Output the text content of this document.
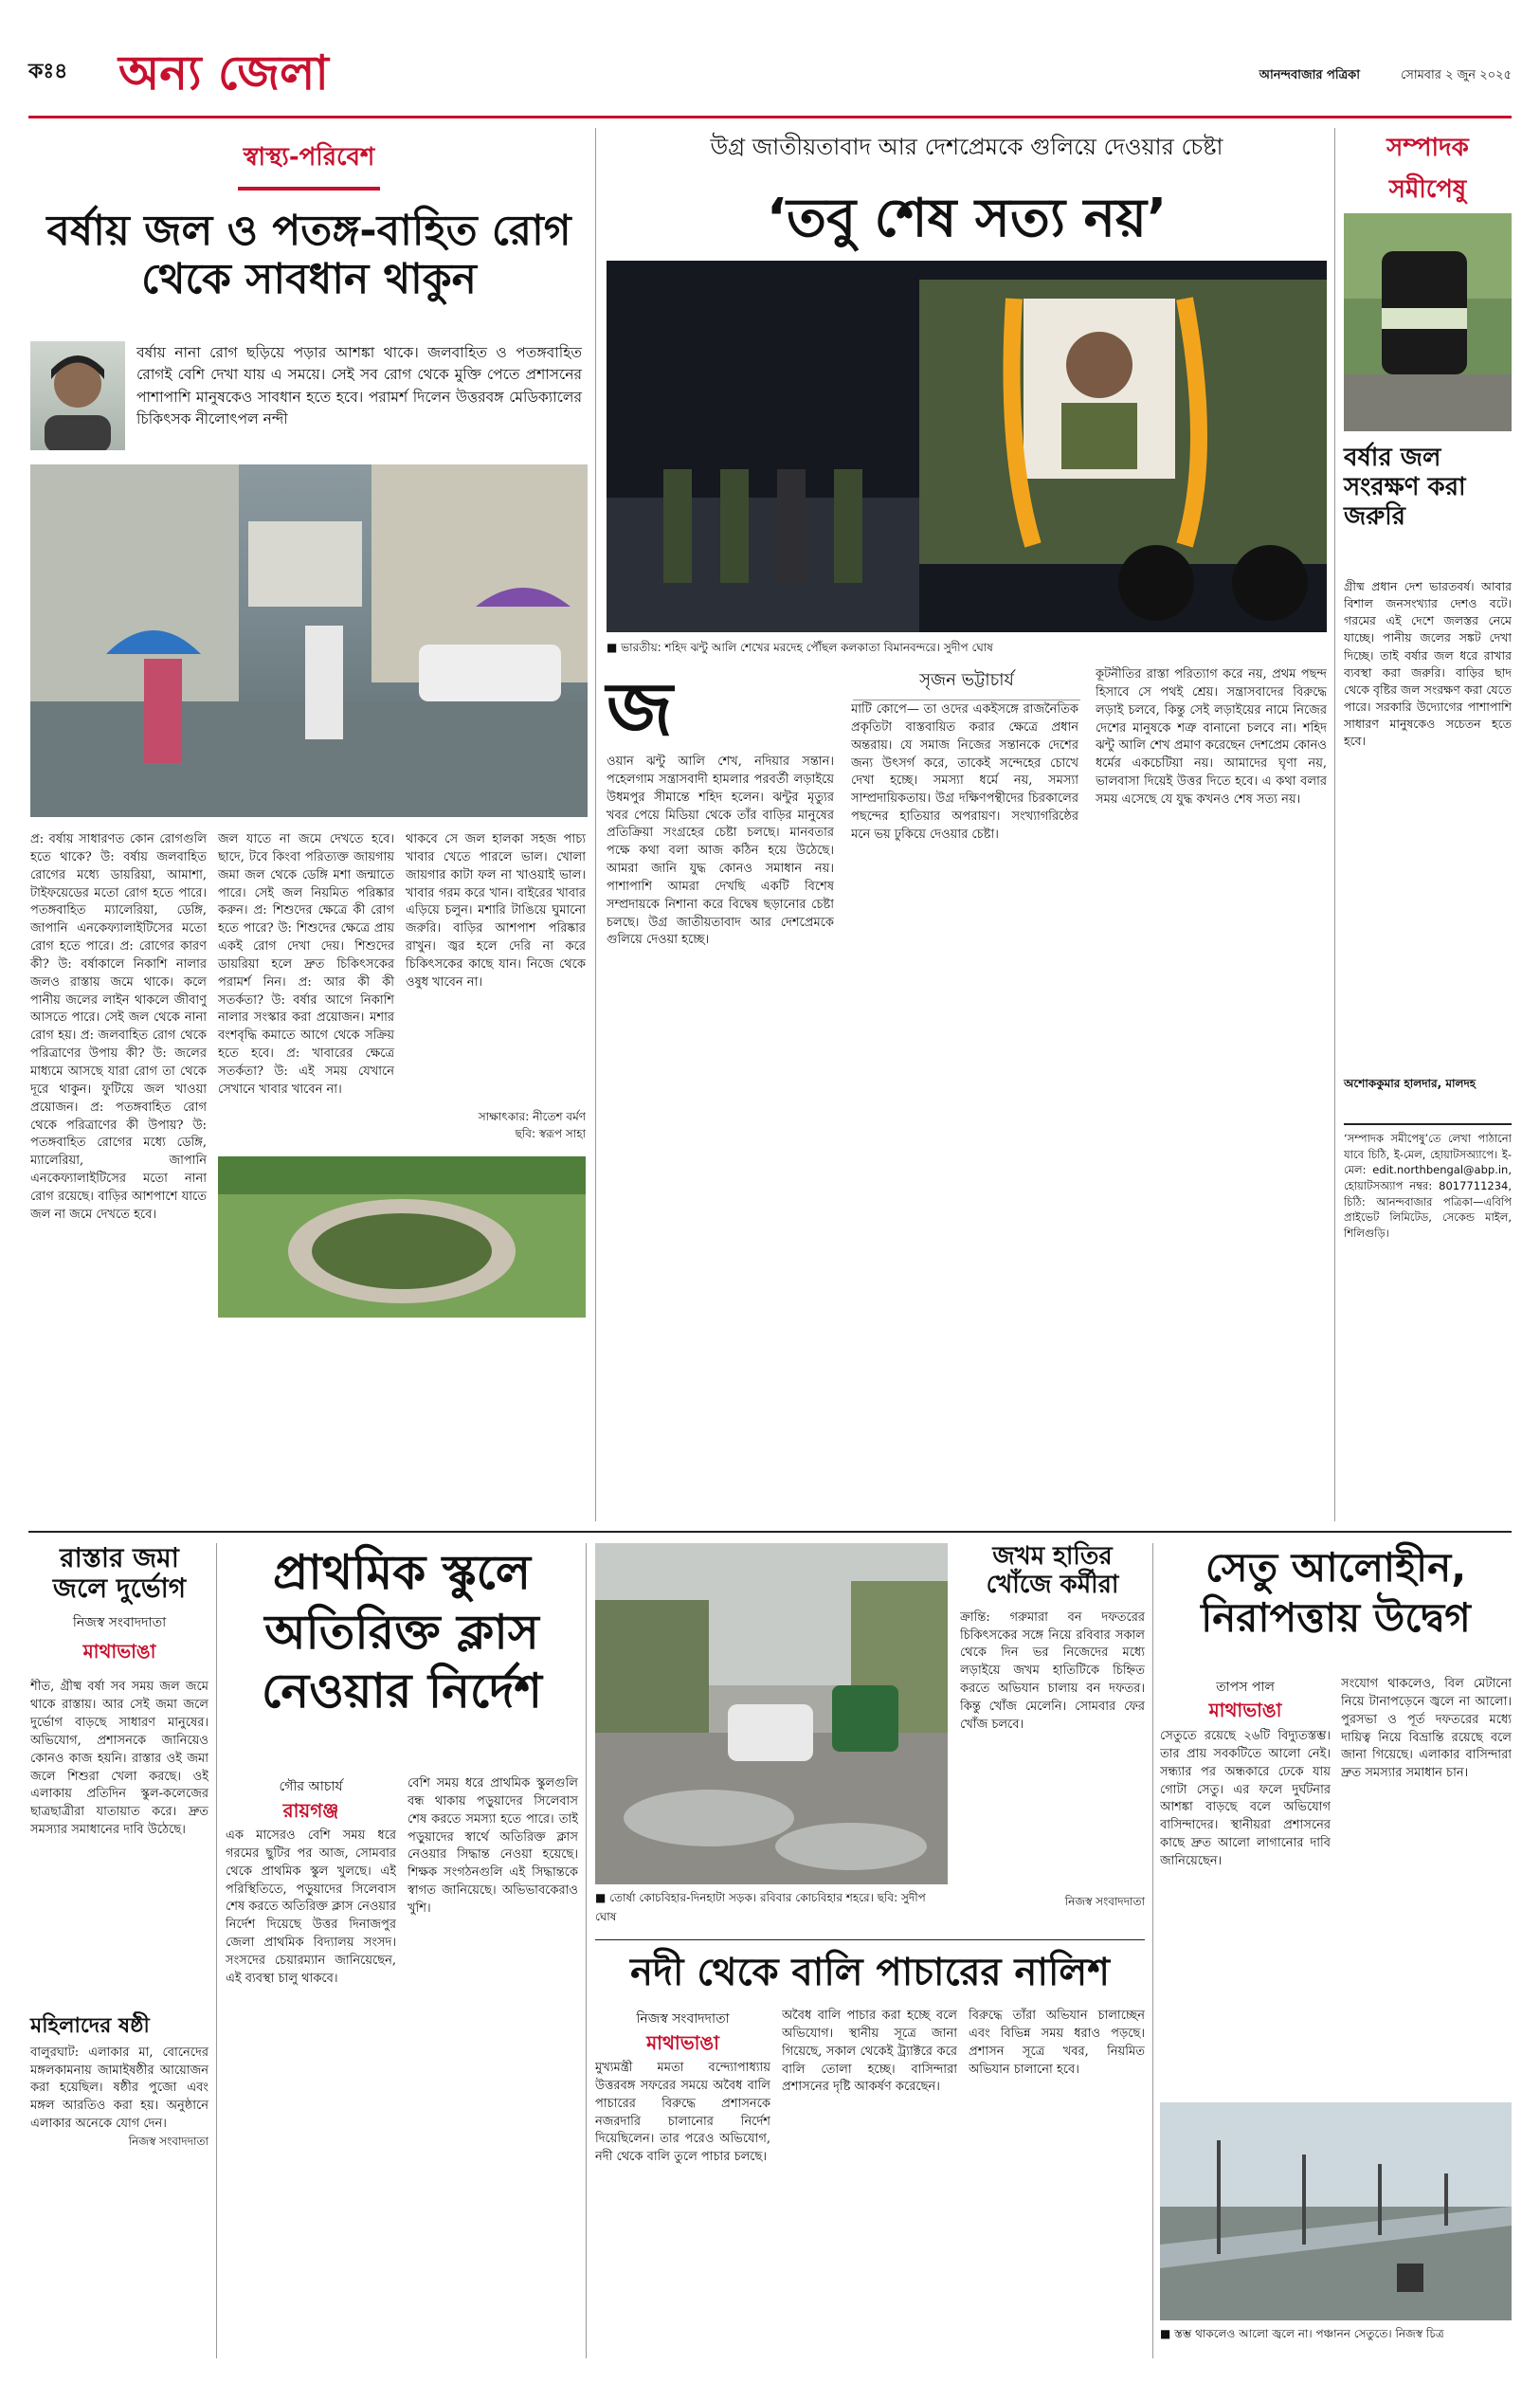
কঃ৪ অন্য জেলা	আনন্দবাজার পত্রিকা	সোমবার ২ জুন ২০২৫
স্বাস্থ্য-পরিবেশ
বর্ষায় জল ও পতঙ্গ-বাহিত রোগ থেকে সাবধান থাকুন

বর্ষায় নানা রোগ ছড়িয়ে পড়ার আশঙ্কা থাকে। জলবাহিত ও পতঙ্গবাহিত রোগই বেশি দেখা যায় এ সময়ে। সেই সব রোগ থেকে মুক্তি পেতে প্রশাসনের পাশাপাশি মানুষকেও সাবধান হতে হবে। পরামর্শ দিলেন উত্তরবঙ্গ মেডিক্যালের চিকিৎসক নীলোৎপল নন্দী

প্র: বর্ষায় সাধারণত কোন রোগগুলি হতে থাকে? উ: বর্ষায় জলবাহিত রোগের মধ্যে ডায়রিয়া, আমাশা, টাইফয়েডের মতো রোগ হতে পারে। পতঙ্গবাহিত ম্যালেরিয়া, ডেঙ্গি, জাপানি এনকেফ্যালাইটিসের মতো রোগ হতে পারে। প্র: রোগের কারণ কী? উ: বর্ষাকালে নিকাশি নালার জলও রাস্তায় জমে থাকে। কলে পানীয় জলের লাইন থাকলে জীবাণু আসতে পারে। সেই জল থেকে নানা রোগ হয়। প্র: জলবাহিত রোগ থেকে পরিত্রাণের উপায় কী? উ: জলের মাধ্যমে আসছে যারা রোগ তা থেকে দূরে থাকুন। ফুটিয়ে জল খাওয়া প্রয়োজন। প্র: পতঙ্গবাহিত রোগ থেকে পরিত্রাণের কী উপায়? উ: পতঙ্গবাহিত রোগের মধ্যে ডেঙ্গি, ম্যালেরিয়া, জাপানি এনকেফ্যালাইটিসের মতো নানা রোগ রয়েছে। বাড়ির আশপাশে যাতে জল না জমে দেখতে হবে।
জল যাতে না জমে দেখতে হবে। ছাদে, টবে কিংবা পরিত্যক্ত জায়গায় জমা জল থেকে ডেঙ্গি মশা জন্মাতে পারে। সেই জল নিয়মিত পরিষ্কার করুন। প্র: শিশুদের ক্ষেত্রে কী রোগ হতে পারে? উ: শিশুদের ক্ষেত্রে প্রায় একই রোগ দেখা দেয়। শিশুদের ডায়রিয়া হলে দ্রুত চিকিৎসকের পরামর্শ নিন। প্র: আর কী কী সতর্কতা? উ: বর্ষার আগে নিকাশি নালার সংস্কার করা প্রয়োজন। মশার বংশবৃদ্ধি কমাতে আগে থেকে সক্রিয় হতে হবে। প্র: খাবারের ক্ষেত্রে সতর্কতা? উ: এই সময় যেখানে সেখানে খাবার খাবেন না।
থাকবে সে জল হালকা সহজ পাচ্য খাবার খেতে পারলে ভাল। খোলা জায়গার কাটা ফল না খাওয়াই ভাল। খাবার গরম করে খান। বাইরের খাবার এড়িয়ে চলুন। মশারি টাঙিয়ে ঘুমানো জরুরি। বাড়ির আশপাশ পরিষ্কার রাখুন। জ্বর হলে দেরি না করে চিকিৎসকের কাছে যান। নিজে থেকে ওষুধ খাবেন না।
সাক্ষাৎকার: নীতেশ বর্মণ
ছবি: স্বরূপ সাহা
উগ্র জাতীয়তাবাদ আর দেশপ্রেমকে গুলিয়ে দেওয়ার চেষ্টা
‘তবু শেষ সত্য নয়’
■ ভারতীয়: শহিদ ঝন্টু আলি শেখের মরদেহ পৌঁছল কলকাতা বিমানবন্দরে। সুদীপ ঘোষ
সৃজন ভট্টাচার্য
জ
ওয়ান ঝন্টু আলি শেখ, নদিয়ার সন্তান। পহেলগাম সন্ত্রাসবাদী হামলার পরবর্তী লড়াইয়ে উধমপুর সীমান্তে শহিদ হলেন। ঝন্টুর মৃত্যুর খবর পেয়ে মিডিয়া থেকে তাঁর বাড়ির মানুষের প্রতিক্রিয়া সংগ্রহের চেষ্টা চলছে। মানবতার পক্ষে কথা বলা আজ কঠিন হয়ে উঠেছে। আমরা জানি যুদ্ধ কোনও সমাধান নয়। পাশাপাশি আমরা দেখছি একটি বিশেষ সম্প্রদায়কে নিশানা করে বিদ্বেষ ছড়ানোর চেষ্টা চলছে। উগ্র জাতীয়তাবাদ আর দেশপ্রেমকে গুলিয়ে দেওয়া হচ্ছে।
মাটি কোপে— তা ওদের একইসঙ্গে রাজনৈতিক প্রকৃতিটা বাস্তবায়িত করার ক্ষেত্রে প্রধান অন্তরায়। যে সমাজ নিজের সন্তানকে দেশের জন্য উৎসর্গ করে, তাকেই সন্দেহের চোখে দেখা হচ্ছে। সমস্যা ধর্মে নয়, সমস্যা সাম্প্রদায়িকতায়। উগ্র দক্ষিণপন্থীদের চিরকালের পছন্দের হাতিয়ার অপরায়ণ। সংখ্যাগরিষ্ঠের মনে ভয় ঢুকিয়ে দেওয়ার চেষ্টা।
কূটনীতির রাস্তা পরিত্যাগ করে নয়, প্রথম পছন্দ হিসাবে সে পথই শ্রেয়। সন্ত্রাসবাদের বিরুদ্ধে লড়াই চলবে, কিন্তু সেই লড়াইয়ের নামে নিজের দেশের মানুষকে শত্রু বানানো চলবে না। শহিদ ঝন্টু আলি শেখ প্রমাণ করেছেন দেশপ্রেম কোনও ধর্মের একচেটিয়া নয়। আমাদের ঘৃণা নয়, ভালবাসা দিয়েই উত্তর দিতে হবে। এ কথা বলার সময় এসেছে যে যুদ্ধ কখনও শেষ সত্য নয়।
সম্পাদক
সমীপেষু
বর্ষার জল সংরক্ষণ করা জরুরি
গ্রীষ্ম প্রধান দেশ ভারতবর্ষ। আবার বিশাল জনসংখ্যার দেশও বটে। গরমের এই দেশে জলস্তর নেমে যাচ্ছে। পানীয় জলের সঙ্কট দেখা দিচ্ছে। তাই বর্ষার জল ধরে রাখার ব্যবস্থা করা জরুরি। বাড়ির ছাদ থেকে বৃষ্টির জল সংরক্ষণ করা যেতে পারে। সরকারি উদ্যোগের পাশাপাশি সাধারণ মানুষকেও সচেতন হতে হবে।
অশোককুমার হালদার, মালদহ
‘সম্পাদক সমীপেষু’তে লেখা পাঠানো যাবে চিঠি, ই-মেল, হোয়াটসঅ্যাপে। ই-মেল: edit.northbengal@abp.in, হোয়াটসঅ্যাপ নম্বর: 8017711234, চিঠি: আনন্দবাজার পত্রিকা—এবিপি প্রাইভেট লিমিটেড, সেকেন্ড মাইল, শিলিগুড়ি।
রাস্তার জমা জলে দুর্ভোগ
নিজস্ব সংবাদদাতা
মাথাভাঙা

শীত, গ্রীষ্ম বর্ষা সব সময় জল জমে থাকে রাস্তায়। আর সেই জমা জলে দুর্ভোগ বাড়ছে সাধারণ মানুষের। অভিযোগ, প্রশাসনকে জানিয়েও কোনও কাজ হয়নি। রাস্তার ওই জমা জলে শিশুরা খেলা করছে। ওই এলাকায় প্রতিদিন স্কুল-কলেজের ছাত্রছাত্রীরা যাতায়াত করে। দ্রুত সমস্যার সমাধানের দাবি উঠেছে।

মহিলাদের ষষ্ঠী

বালুরঘাট: এলাকার মা, বোনেদের মঙ্গলকামনায় জামাইষষ্ঠীর আয়োজন করা হয়েছিল। ষষ্ঠীর পুজো এবং মঙ্গল আরতিও করা হয়। অনুষ্ঠানে এলাকার অনেকে যোগ দেন।

নিজস্ব সংবাদদাতা
প্রাথমিক স্কুলে অতিরিক্ত ক্লাস নেওয়ার নির্দেশ
গৌর আচার্য
রায়গঞ্জ

এক মাসেরও বেশি সময় ধরে গরমের ছুটির পর আজ, সোমবার থেকে প্রাথমিক স্কুল খুলছে। এই পরিস্থিতিতে, পড়ুয়াদের সিলেবাস শেষ করতে অতিরিক্ত ক্লাস নেওয়ার নির্দেশ দিয়েছে উত্তর দিনাজপুর জেলা প্রাথমিক বিদ্যালয় সংসদ। সংসদের চেয়ারম্যান জানিয়েছেন, এই ব্যবস্থা চালু থাকবে।

বেশি সময় ধরে প্রাথমিক স্কুলগুলি বন্ধ থাকায় পড়ুয়াদের সিলেবাস শেষ করতে সমস্যা হতে পারে। তাই পড়ুয়াদের স্বার্থে অতিরিক্ত ক্লাস নেওয়ার সিদ্ধান্ত নেওয়া হয়েছে। শিক্ষক সংগঠনগুলি এই সিদ্ধান্তকে স্বাগত জানিয়েছে। অভিভাবকেরাও খুশি।

■ তোর্ষা কোচবিহার-দিনহাটা সড়ক। রবিবার কোচবিহার শহরে। ছবি: সুদীপ ঘোষ
জখম হাতির খোঁজে কর্মীরা

ক্রান্তি: গরুমারা বন দফতরের চিকিৎসকের সঙ্গে নিয়ে রবিবার সকাল থেকে দিন ভর নিজেদের মধ্যে লড়াইয়ে জখম হাতিটিকে চিহ্নিত করতে অভিযান চালায় বন দফতর। কিন্তু খোঁজ মেলেনি। সোমবার ফের খোঁজ চলবে।

নিজস্ব সংবাদদাতা
নদী থেকে বালি পাচারের নালিশ
নিজস্ব সংবাদদাতা
মাথাভাঙা

মুখ্যমন্ত্রী মমতা বন্দ্যোপাধ্যায় উত্তরবঙ্গ সফরের সময়ে অবৈধ বালি পাচারের বিরুদ্ধে প্রশাসনকে নজরদারি চালানোর নির্দেশ দিয়েছিলেন। তার পরেও অভিযোগ, নদী থেকে বালি তুলে পাচার চলছে।

অবৈধ বালি পাচার করা হচ্ছে বলে অভিযোগ। স্থানীয় সূত্রে জানা গিয়েছে, সকাল থেকেই ট্র্যাক্টরে করে বালি তোলা হচ্ছে। বাসিন্দারা প্রশাসনের দৃষ্টি আকর্ষণ করেছেন।

বিরুদ্ধে তাঁরা অভিযান চালাচ্ছেন এবং বিভিন্ন সময় ধরাও পড়ছে। প্রশাসন সূত্রে খবর, নিয়মিত অভিযান চালানো হবে।

সেতু আলোহীন, নিরাপত্তায় উদ্বেগ
তাপস পাল
মাথাভাঙা

সেতুতে রয়েছে ২৬টি বিদ্যুতস্তম্ভ। তার প্রায় সবকটিতে আলো নেই। সন্ধ্যার পর অন্ধকারে ঢেকে যায় গোটা সেতু। এর ফলে দুর্ঘটনার আশঙ্কা বাড়ছে বলে অভিযোগ বাসিন্দাদের। স্থানীয়রা প্রশাসনের কাছে দ্রুত আলো লাগানোর দাবি জানিয়েছেন।

সংযোগ থাকলেও, বিল মেটানো নিয়ে টানাপড়েনে জ্বলে না আলো। পুরসভা ও পূর্ত দফতরের মধ্যে দায়িত্ব নিয়ে বিভ্রান্তি রয়েছে বলে জানা গিয়েছে। এলাকার বাসিন্দারা দ্রুত সমস্যার সমাধান চান।

■ স্তম্ভ থাকলেও আলো জ্বলে না। পঞ্চানন সেতুতে। নিজস্ব চিত্র
